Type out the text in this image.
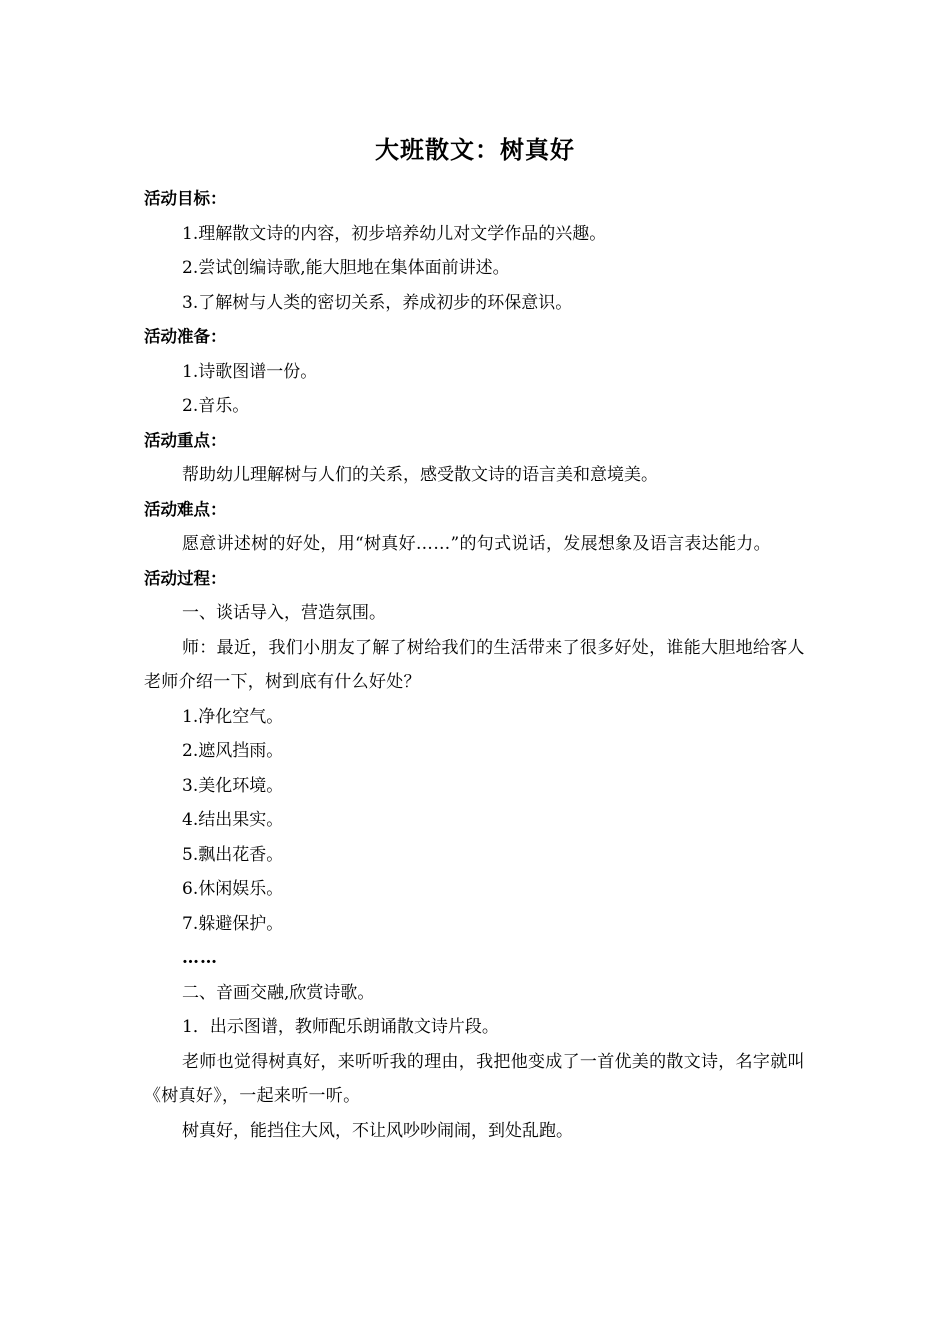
大班散文：树真好

活动目标：

1.理解散文诗的内容，初步培养幼儿对文学作品的兴趣。

2.尝试创编诗歌,能大胆地在集体面前讲述。

3.了解树与人类的密切关系，养成初步的环保意识。

活动准备：

1.诗歌图谱一份。

2.音乐。

活动重点：

帮助幼儿理解树与人们的关系，感受散文诗的语言美和意境美。

活动难点：

愿意讲述树的好处，用“树真好……”的句式说话，发展想象及语言表达能力。

活动过程：

一、谈话导入，营造氛围。

师：最近，我们小朋友了解了树给我们的生活带来了很多好处，谁能大胆地给客人老师介绍一下，树到底有什么好处？

1.净化空气。

2.遮风挡雨。

3.美化环境。

4.结出果实。

5.飘出花香。

6.休闲娱乐。

7.躲避保护。

……

二、音画交融,欣赏诗歌。

1．出示图谱，教师配乐朗诵散文诗片段。

老师也觉得树真好，来听听我的理由，我把他变成了一首优美的散文诗，名字就叫《树真好》，一起来听一听。

树真好，能挡住大风，不让风吵吵闹闹，到处乱跑。
